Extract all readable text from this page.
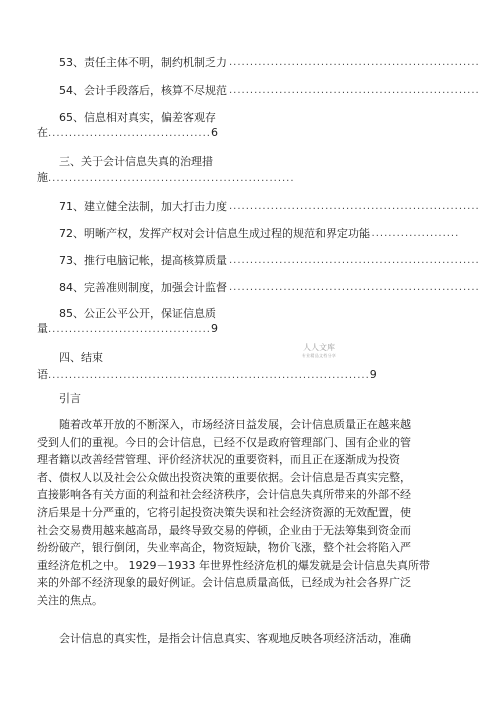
53、责任主体不明，制约机制乏力 ............................................................
54、会计手段落后，核算不尽规范 ............................................................
65、信息相对真实，偏差客观存
在.......................................6
三、关于会计信息失真的治理措
施...........................................................
71、建立健全法制，加大打击力度 ............................................................
72、明晰产权，发挥产权对会计信息生成过程的规范和界定功能
........................
73、推行电脑记帐，提高核算质量 ............................................................
84、完善准则制度，加强会计监督 ............................................................
85、公正公平公开，保证信息质
量.......................................9
四、结束
语.............................................................................9
人人文库
专业精品文档分享
引言
随着改革开放的不断深入，市场经济日益发展，会计信息质量正在越来越
受到人们的重视。今日的会计信息，已经不仅是政府管理部门、国有企业的管
理者籍以改善经营管理、评价经济状况的重要资料，而且正在逐渐成为投资
者、债权人以及社会公众做出投资决策的重要依据。会计信息是否真实完整，
直接影响各有关方面的利益和社会经济秩序，会计信息失真所带来的外部不经
济后果是十分严重的，它将引起投资决策失误和社会经济资源的无效配置，使
社会交易费用越来越高昂，最终导致交易的停顿，企业由于无法筹集到资金而
纷纷破产，银行倒闭，失业率高企，物资短缺，物价飞涨，整个社会将陷入严
重经济危机之中。 1929－1933 年世界性经济危机的爆发就是会计信息失真所带
来的外部不经济现象的最好例证。会计信息质量高低，已经成为社会各界广泛
关注的焦点。
会计信息的真实性，是指会计信息真实、客观地反映各项经济活动，准确
